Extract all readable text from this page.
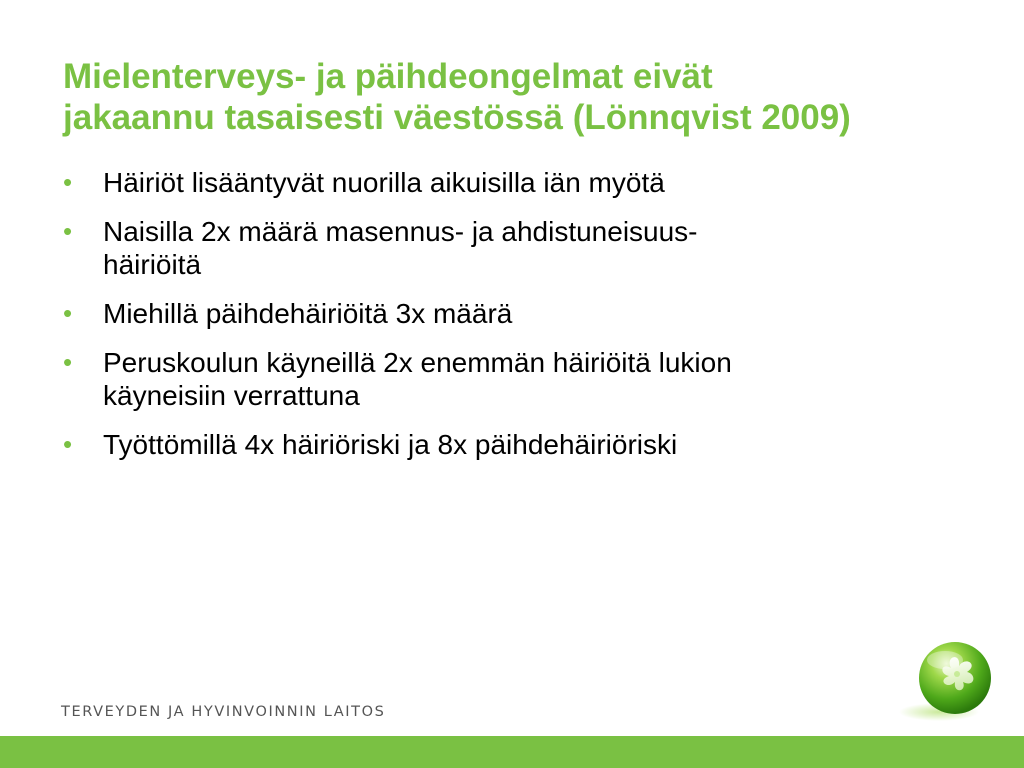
Mielenterveys- ja päihdeongelmat eivät
jakaannu tasaisesti väestössä (Lönnqvist 2009)
• Häiriöt lisääntyvät nuorilla aikuisilla iän myötä
• Naisilla 2x määrä masennus- ja ahdistuneisuus-
häiriöitä
• Miehillä päihdehäiriöitä 3x määrä
• Peruskoulun käyneillä 2x enemmän häiriöitä lukion
käyneisiin verrattuna
• Työttömillä 4x häiriöriski ja 8x päihdehäiriöriski
TERVEYDEN JA HYVINVOINNIN LAITOS
